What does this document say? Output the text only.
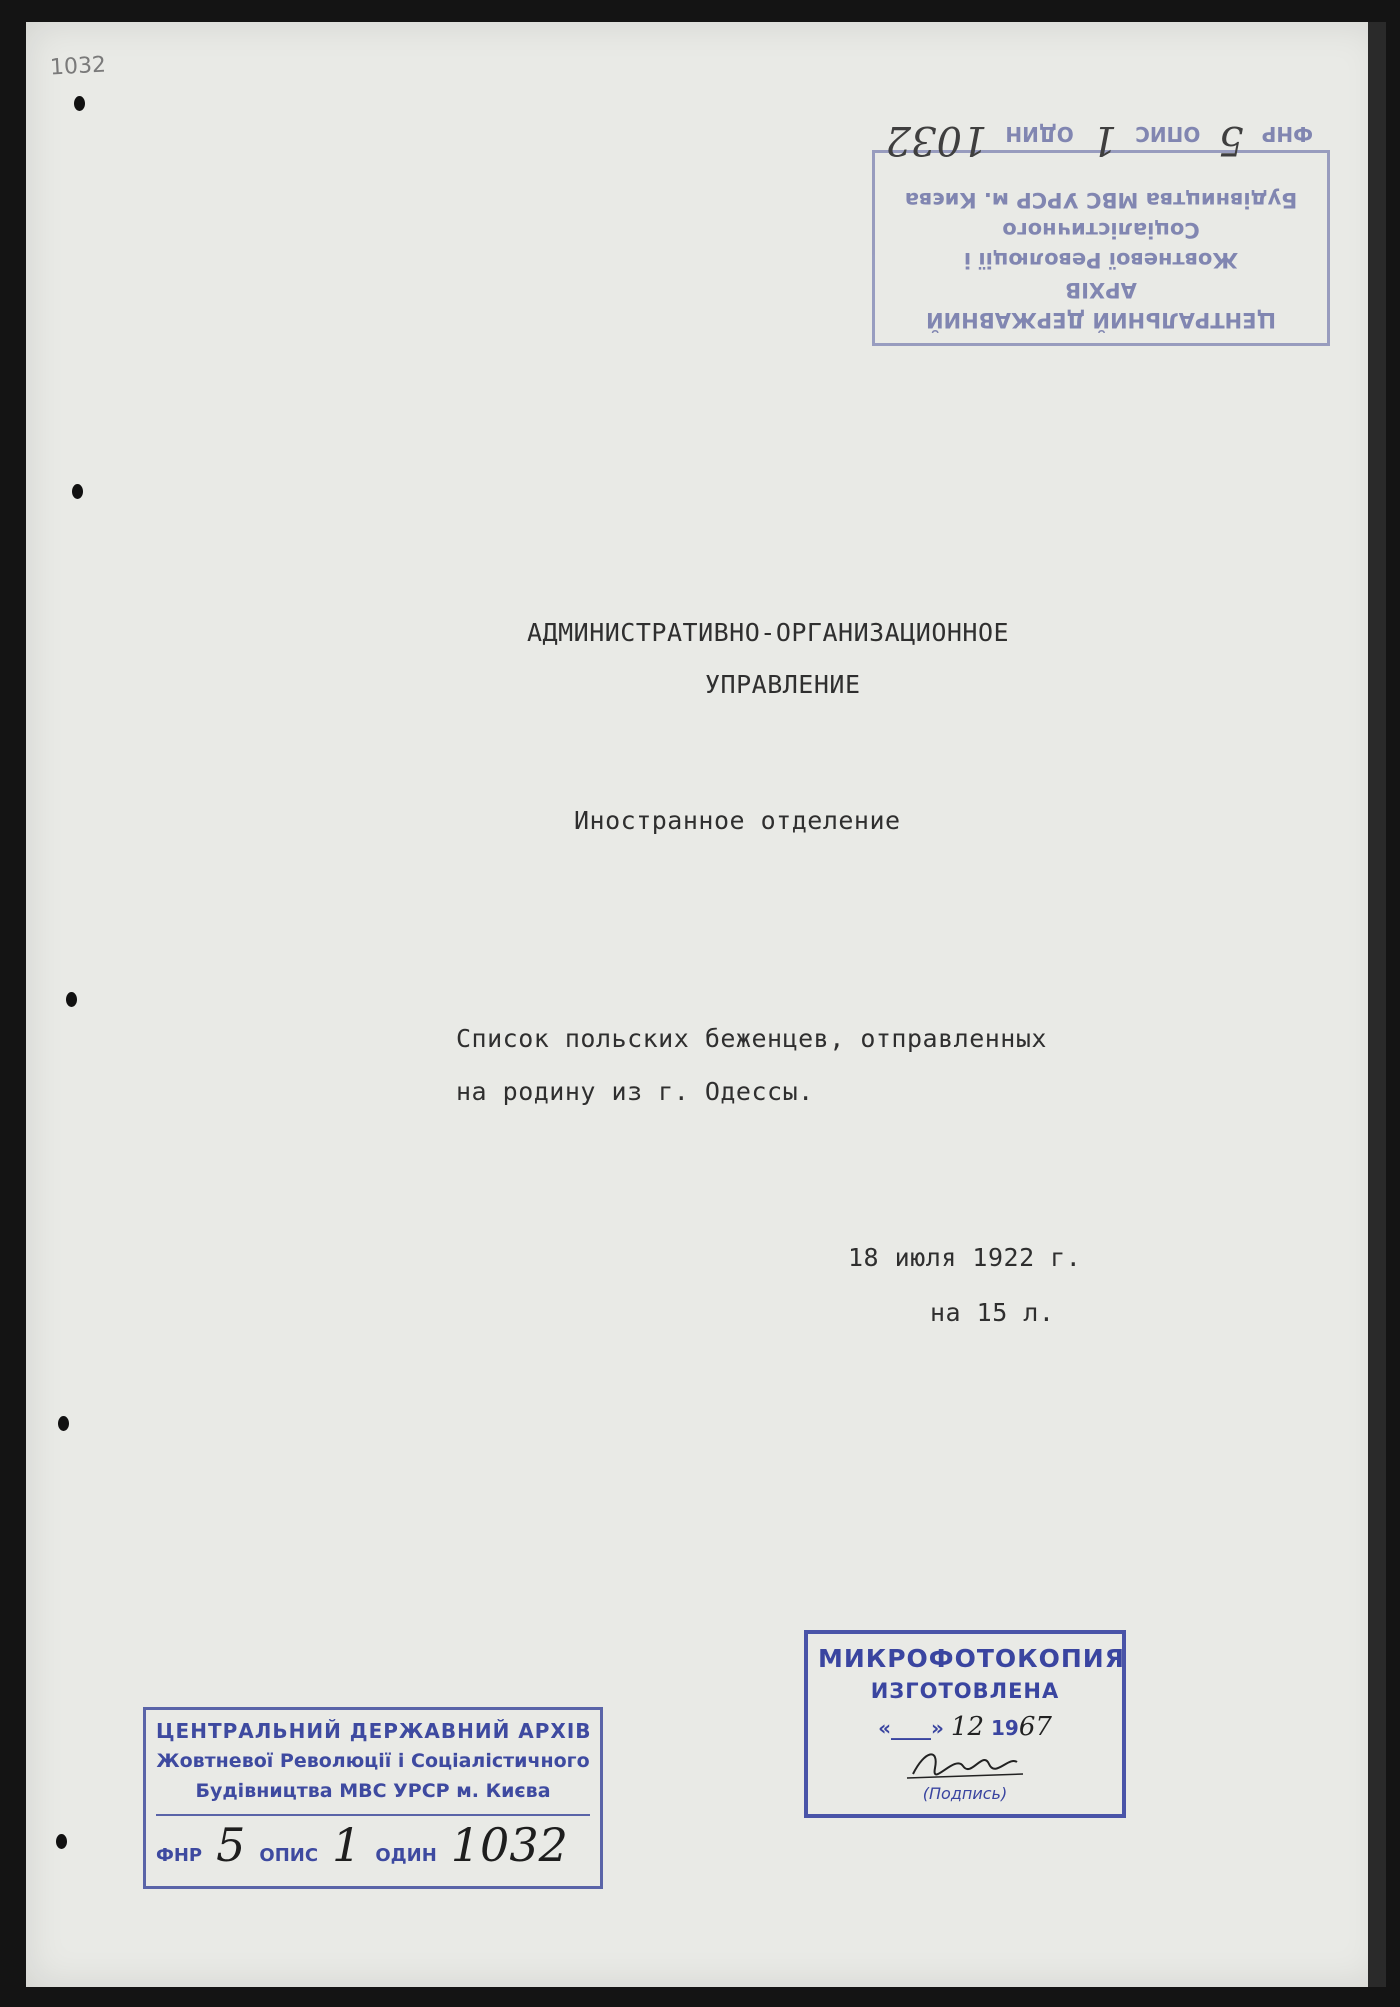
1032
ЦЕНТРАЛЬНИЙ ДЕРЖАВНИЙ АРХІВ
Жовтневої Революції і Соціалістичного
Будівництва МВС УРСР м. Києва
ФНР
5
ОПИС
1
ОДИН
1032
АДМИНИСТРАТИВНО-ОРГАНИЗАЦИОННОЕ
УПРАВЛЕНИЕ
Иностранное отделение
Список польских беженцев, отправленных
на родину из г. Одессы.
18 июля 1922 г.
на 15 л.
ЦЕНТРАЛЬНИЙ ДЕРЖАВНИЙ АРХІВ
Жовтневої Революції і Соціалістичного
Будівництва МВС УРСР м. Києва
ФНР 5 ОПИС 1 ОДИН 1032
МИКРОФОТОКОПИЯ
ИЗГОТОВЛЕНА
«____» 12 1967
(Подпись)
